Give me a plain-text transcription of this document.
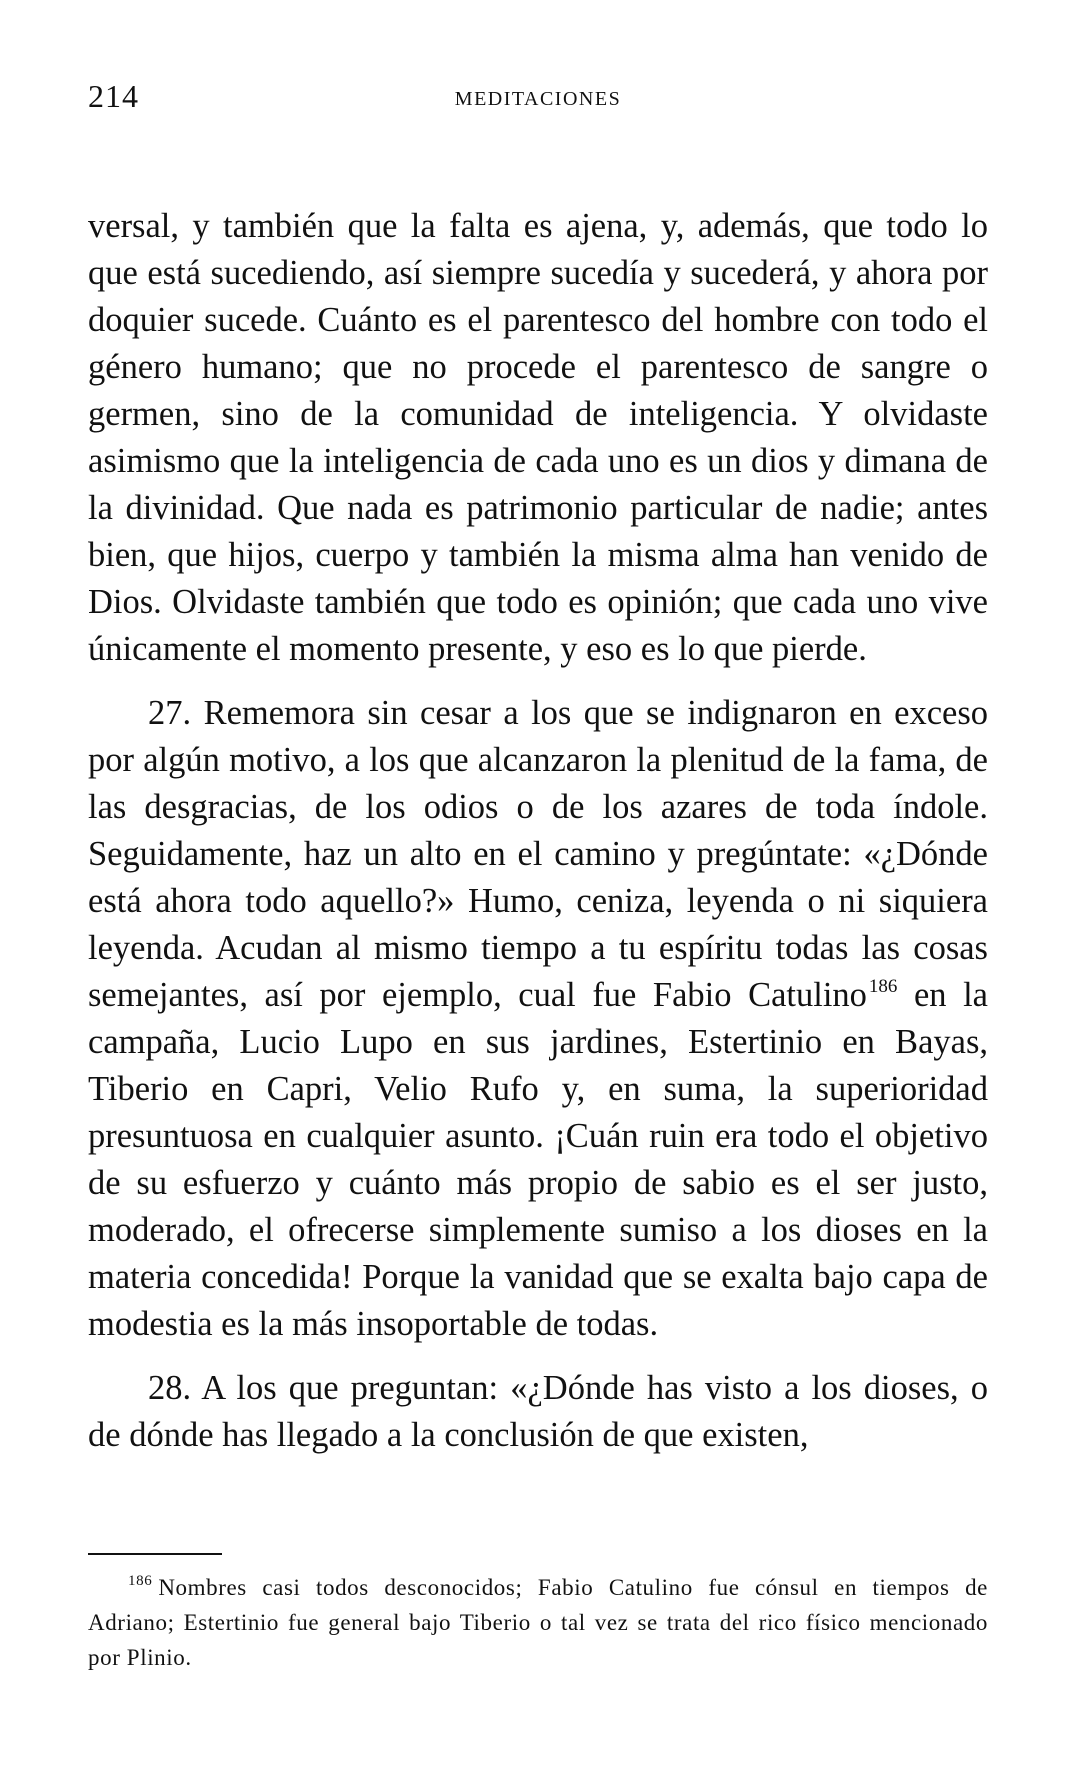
214	MEDITACIONES

versal, y también que la falta es ajena, y, además, que todo lo que está sucediendo, así siempre sucedía y sucederá, y ahora por doquier sucede. Cuánto es el parentesco del hombre con todo el género humano; que no procede el parentesco de sangre o germen, sino de la comunidad de inteligencia. Y olvidaste asimismo que la inteligencia de cada uno es un dios y dimana de la divinidad. Que nada es patrimonio particular de nadie; antes bien, que hijos, cuerpo y también la misma alma han venido de Dios. Olvidaste también que todo es opinión; que cada uno vive únicamente el momento presente, y eso es lo que pierde.

27. Rememora sin cesar a los que se indignaron en exceso por algún motivo, a los que alcanzaron la plenitud de la fama, de las desgracias, de los odios o de los azares de toda índole. Seguidamente, haz un alto en el camino y pregúntate: «¿Dónde está ahora todo aquello?» Humo, ceniza, leyenda o ni siquiera leyenda. Acudan al mismo tiempo a tu espíritu todas las cosas semejantes, así por ejemplo, cual fue Fabio Catulino $^{186}$ en la campaña, Lucio Lupo en sus jardines, Estertinio en Bayas, Tiberio en Capri, Velio Rufo y, en suma, la superioridad presuntuosa en cualquier asunto. ¡Cuán ruin era todo el objetivo de su esfuerzo y cuánto más propio de sabio es el ser justo, moderado, el ofrecerse simplemente sumiso a los dioses en la materia concedida! Porque la vanidad que se exalta bajo capa de modestia es la más insoportable de todas.

28. A los que preguntan: «¿Dónde has visto a los dioses, o de dónde has llegado a la conclusión de que existen,

$^{186}$ Nombres casi todos desconocidos; Fabio Catulino fue cónsul en tiempos de Adriano; Estertinio fue general bajo Tiberio o tal vez se trata del rico físico mencionado por Plinio.
